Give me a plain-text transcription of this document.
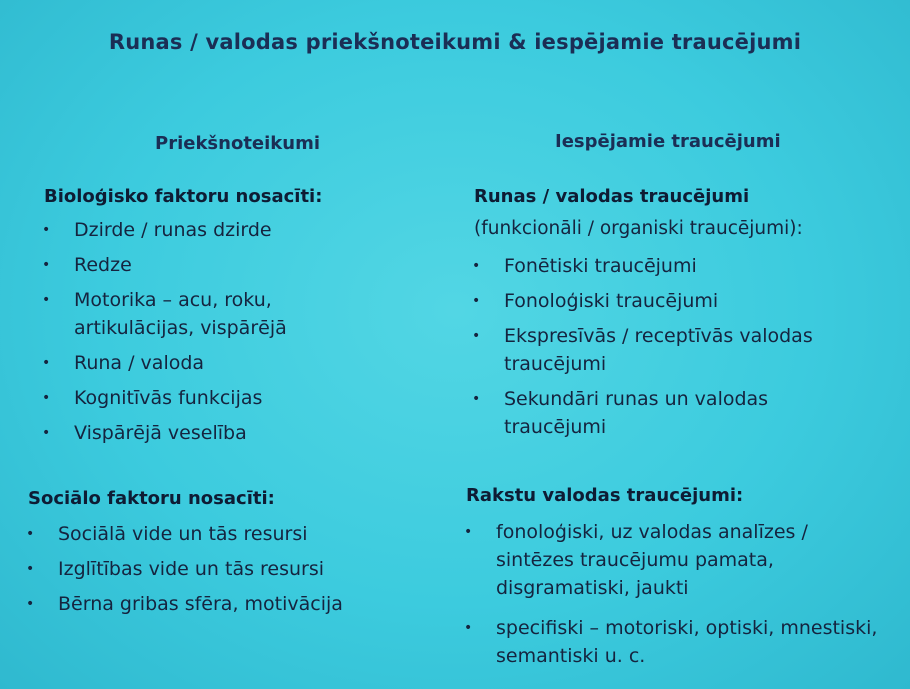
Runas / valodas priekšnoteikumi & iespējamie traucējumi
Priekšnoteikumi	Iespējamie traucējumi
Bioloģisko faktoru nosacīti:
• Dzirde / runas dzirde
• Redze
• Motorika – acu, roku, artikulācijas, vispārējā
• Runa / valoda
• Kognitīvās funkcijas
• Vispārējā veselība
Sociālo faktoru nosacīti:
• Sociālā vide un tās resursi
• Izglītības vide un tās resursi
• Bērna gribas sfēra, motivācija
Runas / valodas traucējumi
(funkcionāli / organiski traucējumi):
• Fonētiski traucējumi
• Fonoloģiski traucējumi
• Ekspresīvās / receptīvās valodas traucējumi
• Sekundāri runas un valodas traucējumi
Rakstu valodas traucējumi:
• fonoloģiski, uz valodas analīzes / sintēzes traucējumu pamata, disgramatiski, jaukti
• specifiski – motoriski, optiski, mnestiski, semantiski u. c.
